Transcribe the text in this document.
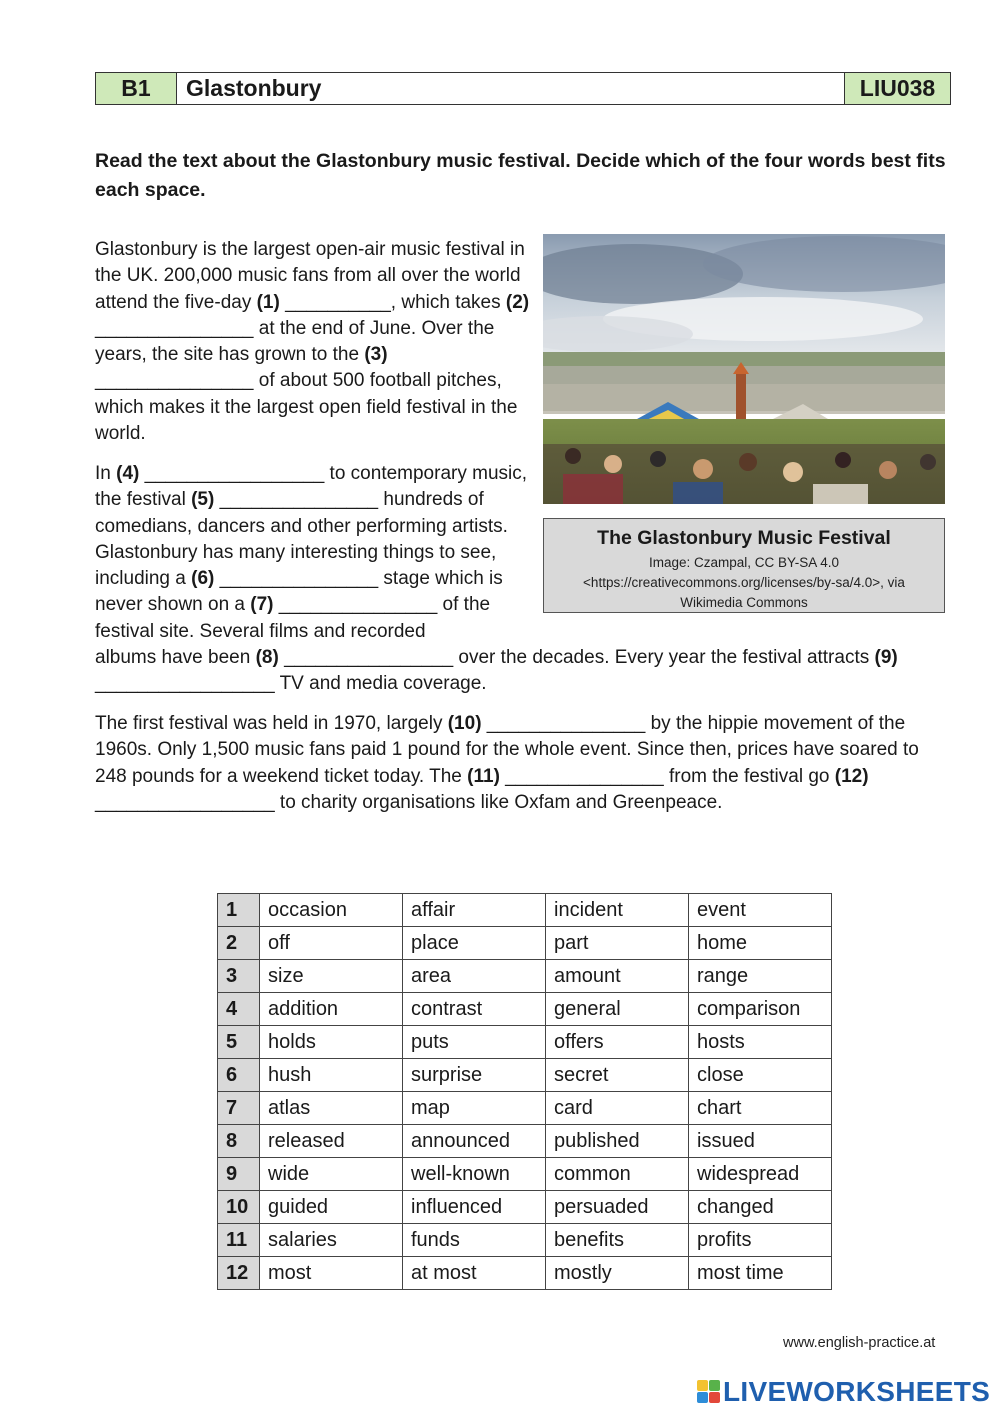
B1	Glastonbury	LIU038

Read the text about the Glastonbury music festival. Decide which of the four words best fits each space.

Glastonbury is the largest open-air music festival in the UK. 200,000 music fans from all over the world attend the five-day (1) __________, which takes (2) _______________ at the end of June. Over the years, the site has grown to the (3) _______________ of about 500 football pitches, which makes it the largest open field festival in the world.

In (4) _________________ to contemporary music, the festival (5) _______________ hundreds of comedians, dancers and other performing artists. Glastonbury has many interesting things to see, including a (6) _______________ stage which is never shown on a (7) _______________ of the festival site. Several films and recorded

albums have been (8) ________________ over the decades. Every year the festival attracts (9) _________________ TV and media coverage.

The first festival was held in 1970, largely (10) _______________ by the hippie movement of the 1960s. Only 1,500 music fans paid 1 pound for the whole event. Since then, prices have soared to 248 pounds for a weekend ticket today. The (11) _______________ from the festival go (12) _________________ to charity organisations like Oxfam and Greenpeace.

The Glastonbury Music Festival
Image: Czampal, CC BY-SA 4.0
<https://creativecommons.org/licenses/by-sa/4.0>, via
Wikimedia Commons
1	occasion	affair	incident	event
2	off	place	part	home
3	size	area	amount	range
4	addition	contrast	general	comparison
5	holds	puts	offers	hosts
6	hush	surprise	secret	close
7	atlas	map	card	chart
8	released	announced	published	issued
9	wide	well-known	common	widespread
10	guided	influenced	persuaded	changed
11	salaries	funds	benefits	profits
12	most	at most	mostly	most time
www.english-practice.at
LIVEWORKSHEETS
